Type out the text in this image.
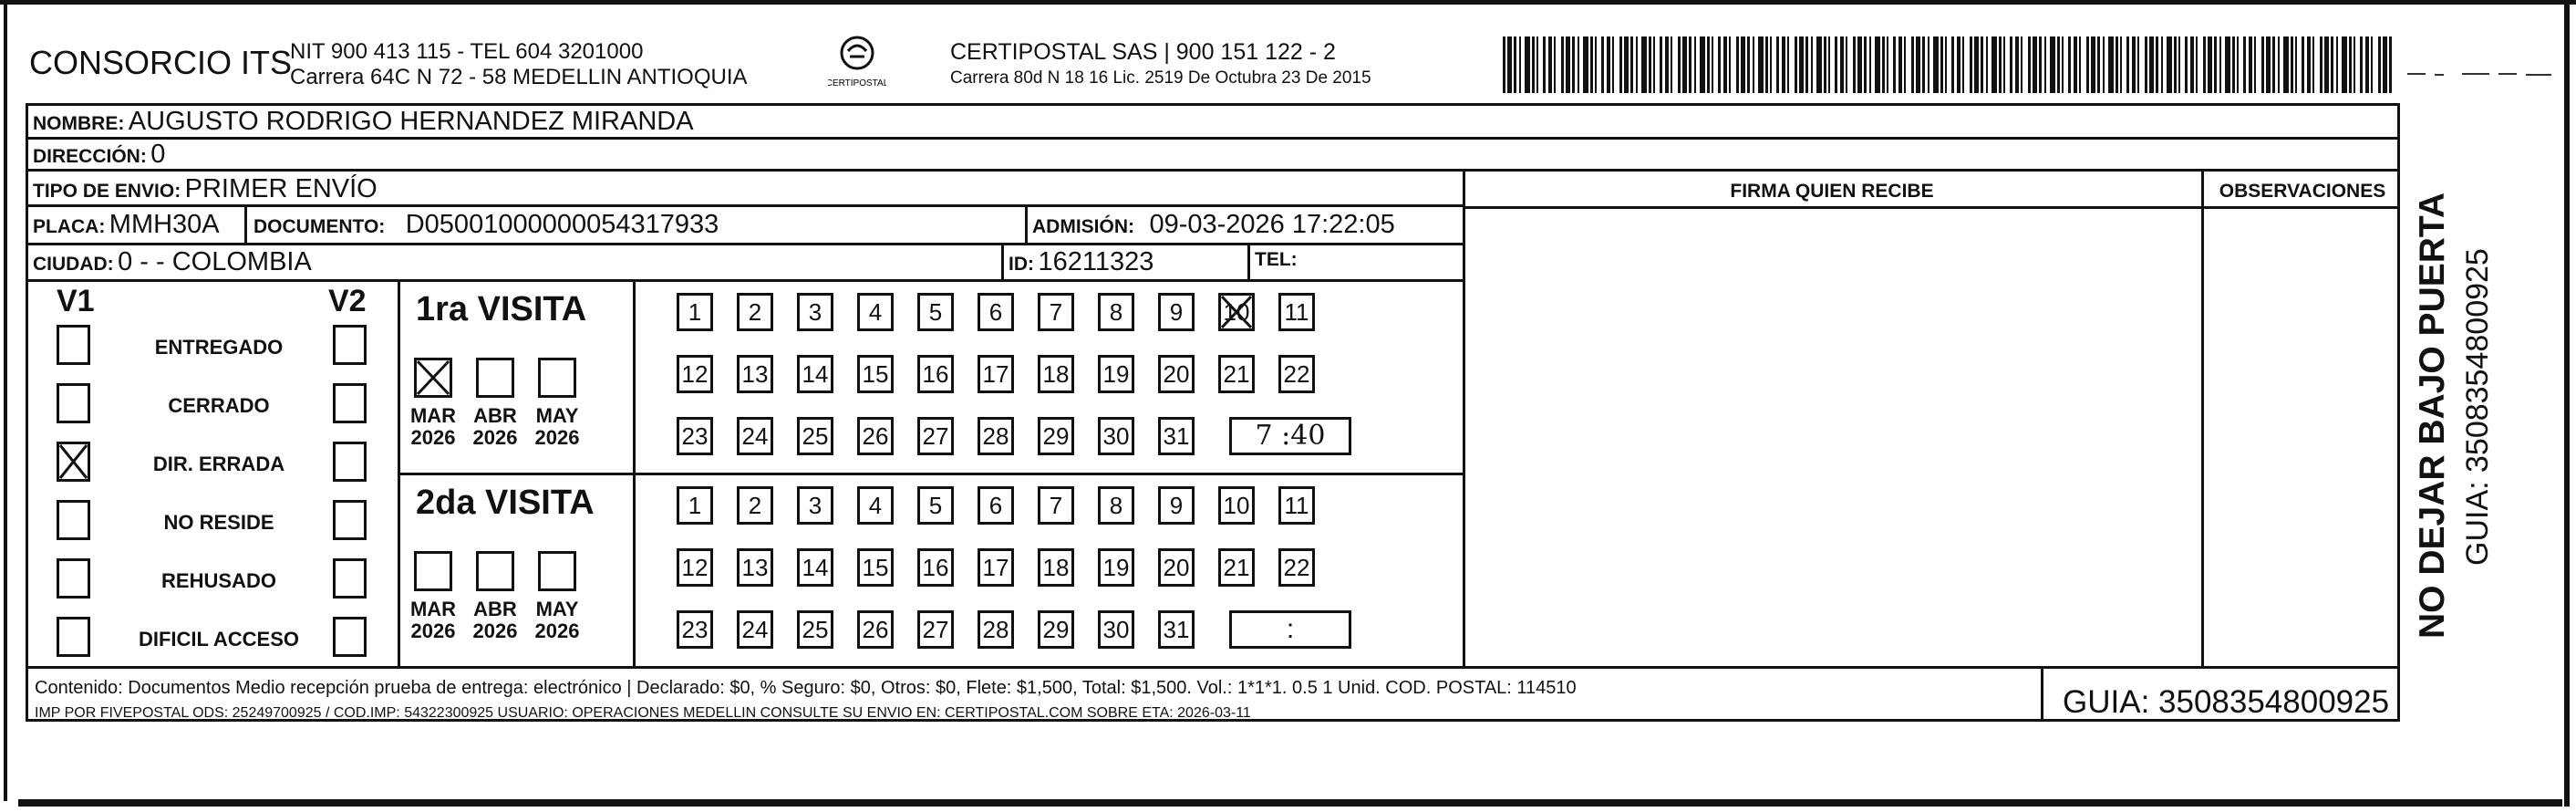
CONSORCIO ITS
NIT 900 413 115 - TEL 604 3201000
Carrera 64C N 72 - 58 MEDELLIN ANTIOQUIA	CERTIPOSTAL
CERTIPOSTAL SAS | 900 151 122 - 2
Carrera 80d N 18 16 Lic. 2519 De Octubra 23 De 2015
NO DEJAR BAJO PUERTA GUIA: 3508354800925
NOMBRE: AUGUSTO RODRIGO HERNANDEZ MIRANDA
DIRECCIÓN: 0
TIPO DE ENVIO: PRIMER ENVÍO
PLACA: MMH30A DOCUMENTO: D05001000000054317933	ADMISIÓN: 09-03-2026 17:22:05
CIUDAD: 0 - - COLOMBIA	ID: 16211323	TEL:
FIRMA QUIEN RECIBE	OBSERVACIONES
V1	V2
ENTREGADO
CERRADO
DIR. ERRADA
NO RESIDE
REHUSADO
DIFICIL ACCESO
1ra VISITA
MAR
2026
ABR
2026
MAY
2026
1	2	3	4	5	6	7	8	9	10 11
12 13 14 15 16 17 18 19 20 21 22
23 24 25 26 27 28 29 30 31	7 :40
2da VISITA
MAR
2026
ABR
2026
MAY
2026
1	2	3	4	5	6	7	8	9	10 11
12 13 14 15 16 17 18 19 20 21 22
23 24 25 26 27 28 29 30 31	:
Contenido: Documentos Medio recepción prueba de entrega: electrónico | Declarado: $0, % Seguro: $0, Otros: $0, Flete: $1,500, Total: $1,500. Vol.: 1*1*1. 0.5 1 Unid. COD. POSTAL: 114510
IMP POR FIVEPOSTAL ODS: 25249700925 / COD.IMP: 54322300925 USUARIO: OPERACIONES MEDELLIN CONSULTE SU ENVIO EN: CERTIPOSTAL.COM SOBRE ETA: 2026-03-11	GUIA: 3508354800925
